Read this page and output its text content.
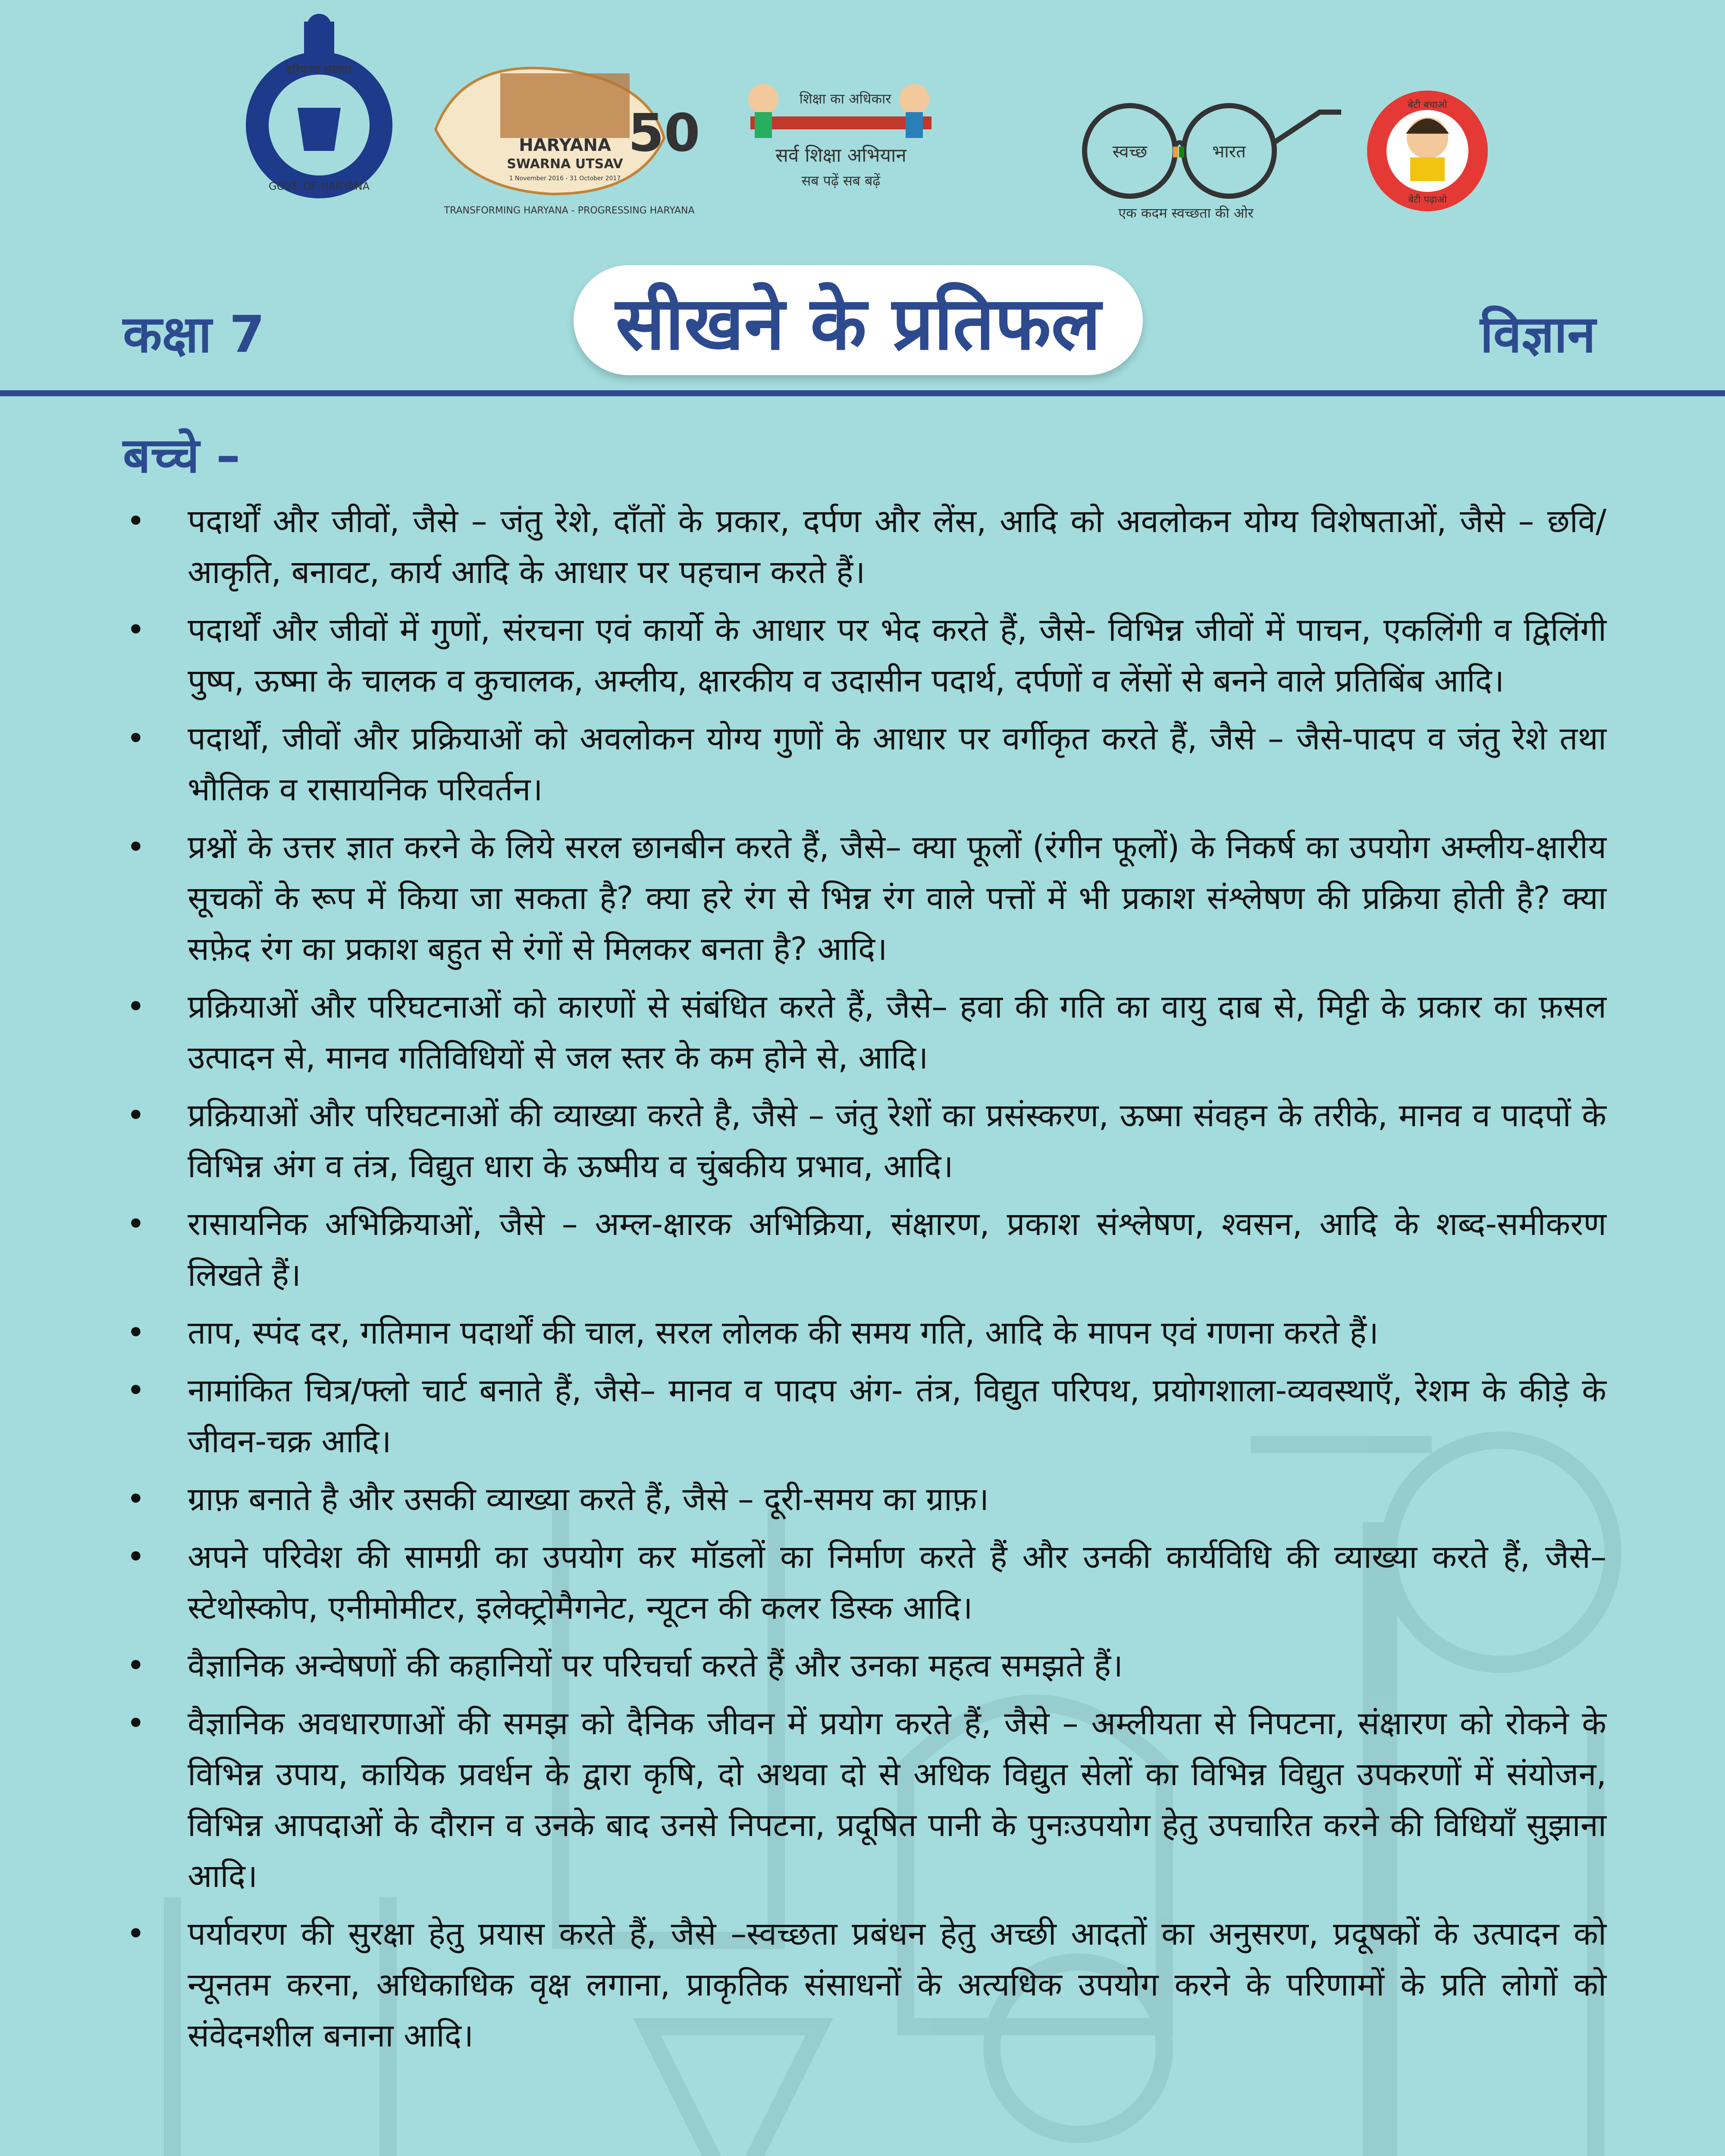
हरियाणा सरकार
GOVT. OF HARYANA
HARYANA
SWARNA UTSAV
1 November 2016 - 31 October 2017
50
TRANSFORMING HARYANA - PROGRESSING HARYANA
शिक्षा का अधिकार
सर्व शिक्षा अभियान
सब पढ़ें सब बढ़ें
स्वच्छ	भारत
एक कदम स्वच्छता की ओर
बेटी बचाओ
बेटी पढ़ाओ
कक्षा 7	सीखने के प्रतिफल	विज्ञान
बच्चे –
• पदार्थों और जीवों, जैसे – जंतु रेशे, दाँतों के प्रकार, दर्पण और लेंस, आदि को अवलोकन योग्य विशेषताओं, जैसे – छवि/आकृति, बनावट, कार्य आदि के आधार पर पहचान करते हैं।
• पदार्थों और जीवों में गुणों, संरचना एवं कार्यो के आधार पर भेद करते हैं, जैसे- विभिन्न जीवों में पाचन, एकलिंगी व द्विलिंगी पुष्प, ऊष्मा के चालक व कुचालक, अम्लीय, क्षारकीय व उदासीन पदार्थ, दर्पणों व लेंसों से बनने वाले प्रतिबिंब आदि।
• पदार्थों, जीवों और प्रक्रियाओं को अवलोकन योग्य गुणों के आधार पर वर्गीकृत करते हैं, जैसे – जैसे-पादप व जंतु रेशे तथा भौतिक व रासायनिक परिवर्तन।
• प्रश्नों के उत्तर ज्ञात करने के लिये सरल छानबीन करते हैं, जैसे– क्या फूलों (रंगीन फूलों) के निकर्ष का उपयोग अम्लीय-क्षारीय सूचकों के रूप में किया जा सकता है? क्या हरे रंग से भिन्न रंग वाले पत्तों में भी प्रकाश संश्लेषण की प्रक्रिया होती है? क्या सफ़ेद रंग का प्रकाश बहुत से रंगों से मिलकर बनता है? आदि।
• प्रक्रियाओं और परिघटनाओं को कारणों से संबंधित करते हैं, जैसे– हवा की गति का वायु दाब से, मिट्टी के प्रकार का फ़सल उत्पादन से, मानव गतिविधियों से जल स्तर के कम होने से, आदि।
• प्रक्रियाओं और परिघटनाओं की व्याख्या करते है, जैसे – जंतु रेशों का प्रसंस्करण, ऊष्मा संवहन के तरीके, मानव व पादपों के विभिन्न अंग व तंत्र, विद्युत धारा के ऊष्मीय व चुंबकीय प्रभाव, आदि।
• रासायनिक अभिक्रियाओं, जैसे – अम्ल-क्षारक अभिक्रिया, संक्षारण, प्रकाश संश्लेषण, श्वसन, आदि के शब्द-समीकरण लिखते हैं।
• ताप, स्पंद दर, गतिमान पदार्थों की चाल, सरल लोलक की समय गति, आदि के मापन एवं गणना करते हैं।
• नामांकित चित्र/फ्लो चार्ट बनाते हैं, जैसे– मानव व पादप अंग- तंत्र, विद्युत परिपथ, प्रयोगशाला-व्यवस्थाएँ, रेशम के कीड़े के जीवन-चक्र आदि।
• ग्राफ़ बनाते है और उसकी व्याख्या करते हैं, जैसे – दूरी-समय का ग्राफ़।
• अपने परिवेश की सामग्री का उपयोग कर मॉडलों का निर्माण करते हैं और उनकी कार्यविधि की व्याख्या करते हैं, जैसे– स्टेथोस्कोप, एनीमोमीटर, इलेक्ट्रोमैगनेट, न्यूटन की कलर डिस्क आदि।
• वैज्ञानिक अन्वेषणों की कहानियों पर परिचर्चा करते हैं और उनका महत्व समझते हैं।
• वैज्ञानिक अवधारणाओं की समझ को दैनिक जीवन में प्रयोग करते हैं, जैसे – अम्लीयता से निपटना, संक्षारण को रोकने के विभिन्न उपाय, कायिक प्रवर्धन के द्वारा कृषि, दो अथवा दो से अधिक विद्युत सेलों का विभिन्न विद्युत उपकरणों में संयोजन, विभिन्न आपदाओं के दौरान व उनके बाद उनसे निपटना, प्रदूषित पानी के पुनःउपयोग हेतु उपचारित करने की विधियाँ सुझाना आदि।
• पर्यावरण की सुरक्षा हेतु प्रयास करते हैं, जैसे –स्वच्छता प्रबंधन हेतु अच्छी आदतों का अनुसरण, प्रदूषकों के उत्पादन को न्यूनतम करना, अधिकाधिक वृक्ष लगाना, प्राकृतिक संसाधनों के अत्यधिक उपयोग करने के परिणामों के प्रति लोगों को संवेदनशील बनाना आदि।
